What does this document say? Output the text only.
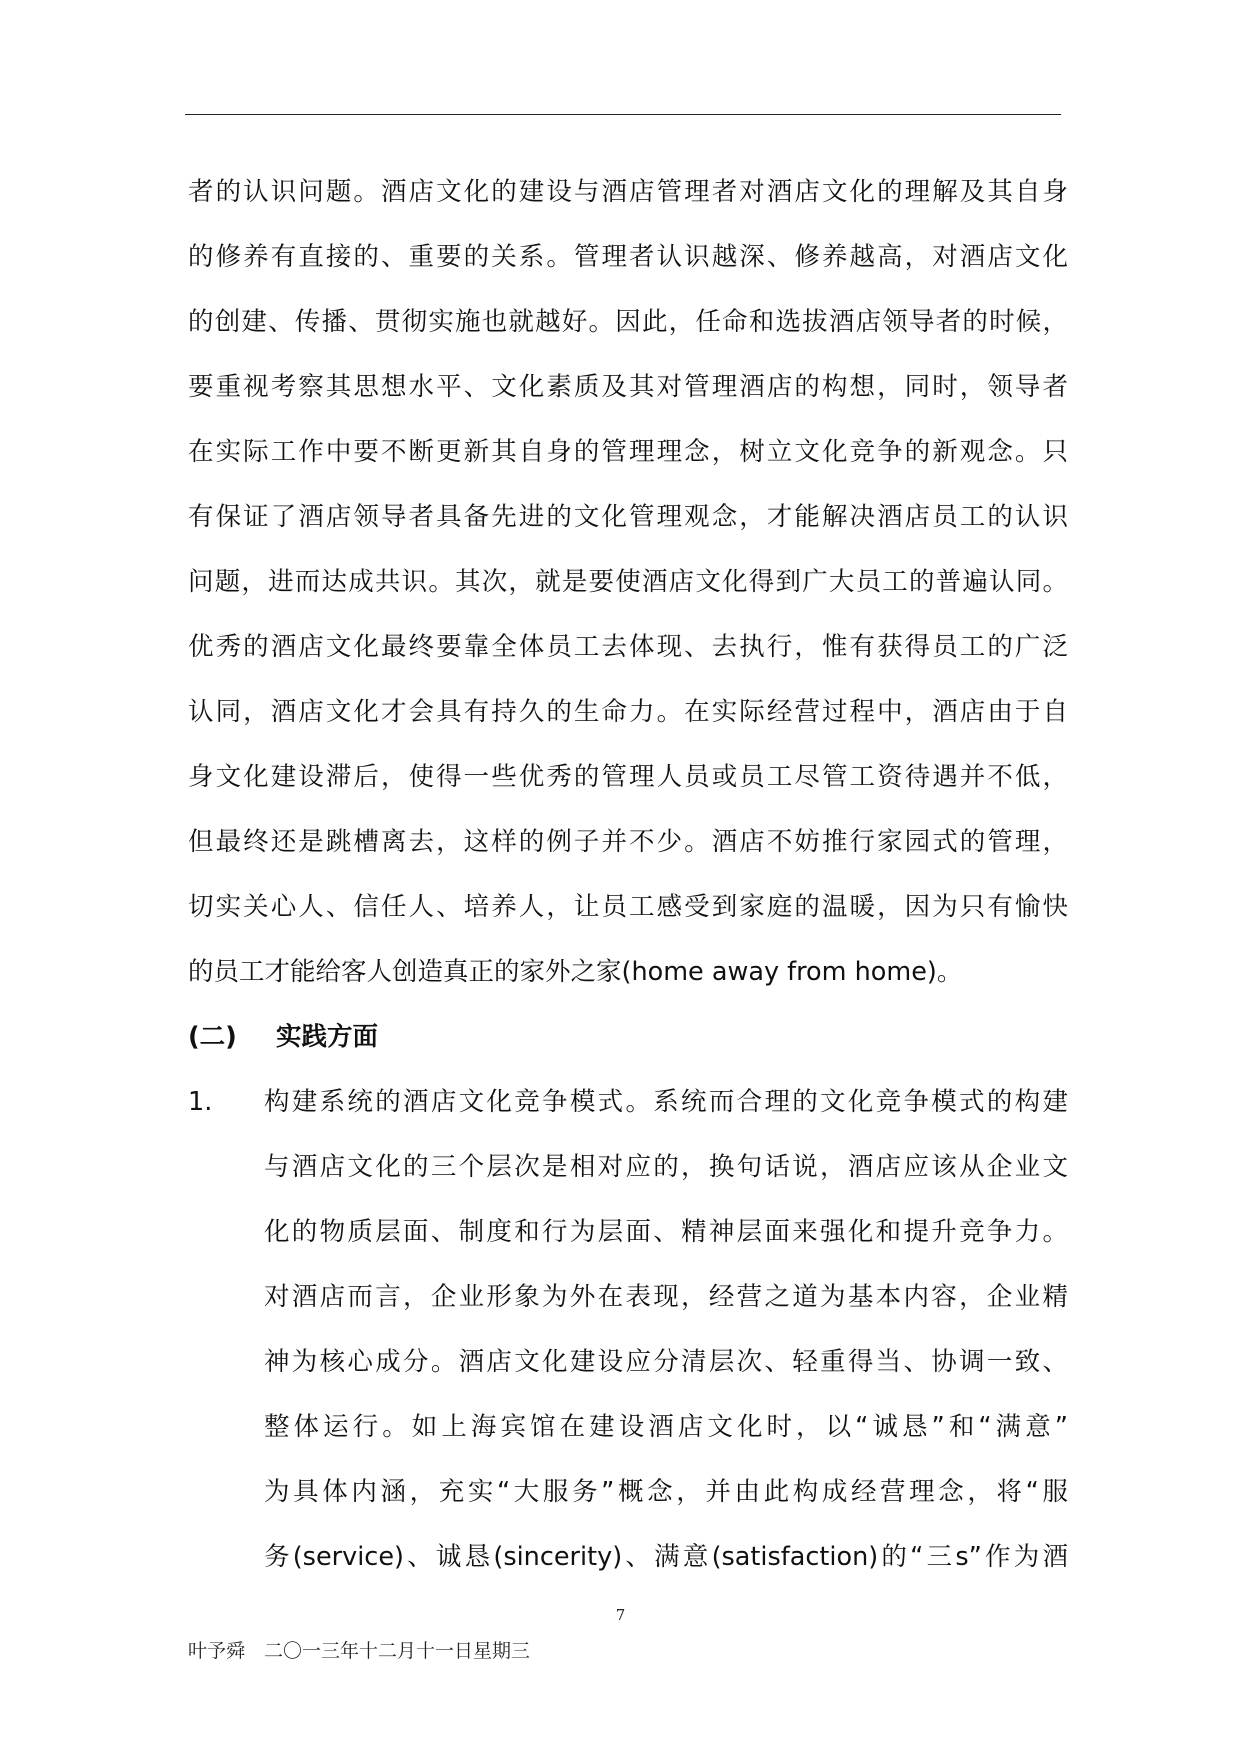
者的认识问题。酒店文化的建设与酒店管理者对酒店文化的理解及其自身
的修养有直接的、重要的关系。管理者认识越深、修养越高，对酒店文化
的创建、传播、贯彻实施也就越好。因此，任命和选拔酒店领导者的时候，
要重视考察其思想水平、文化素质及其对管理酒店的构想，同时，领导者
在实际工作中要不断更新其自身的管理理念，树立文化竞争的新观念。只
有保证了酒店领导者具备先进的文化管理观念，才能解决酒店员工的认识
问题，进而达成共识。其次，就是要使酒店文化得到广大员工的普遍认同。
优秀的酒店文化最终要靠全体员工去体现、去执行，惟有获得员工的广泛
认同，酒店文化才会具有持久的生命力。在实际经营过程中，酒店由于自
身文化建设滞后，使得一些优秀的管理人员或员工尽管工资待遇并不低，
但最终还是跳槽离去，这样的例子并不少。酒店不妨推行家园式的管理，
切实关心人、信任人、培养人，让员工感受到家庭的温暖，因为只有愉快
的员工才能给客人创造真正的家外之家(home away from home)。
(二) 实践方面
1. 构建系统的酒店文化竞争模式。系统而合理的文化竞争模式的构建
与酒店文化的三个层次是相对应的，换句话说，酒店应该从企业文
化的物质层面、制度和行为层面、精神层面来强化和提升竞争力。
对酒店而言，企业形象为外在表现，经营之道为基本内容，企业精
神为核心成分。酒店文化建设应分清层次、轻重得当、协调一致、
整体运行。如上海宾馆在建设酒店文化时，以“诚恳”和“满意”
为具体内涵，充实“大服务”概念，并由此构成经营理念，将“服
务(service)、诚恳(sincerity)、满意(satisfaction)的“三s”作为酒
7
叶予舜　二〇一三年十二月十一日星期三
